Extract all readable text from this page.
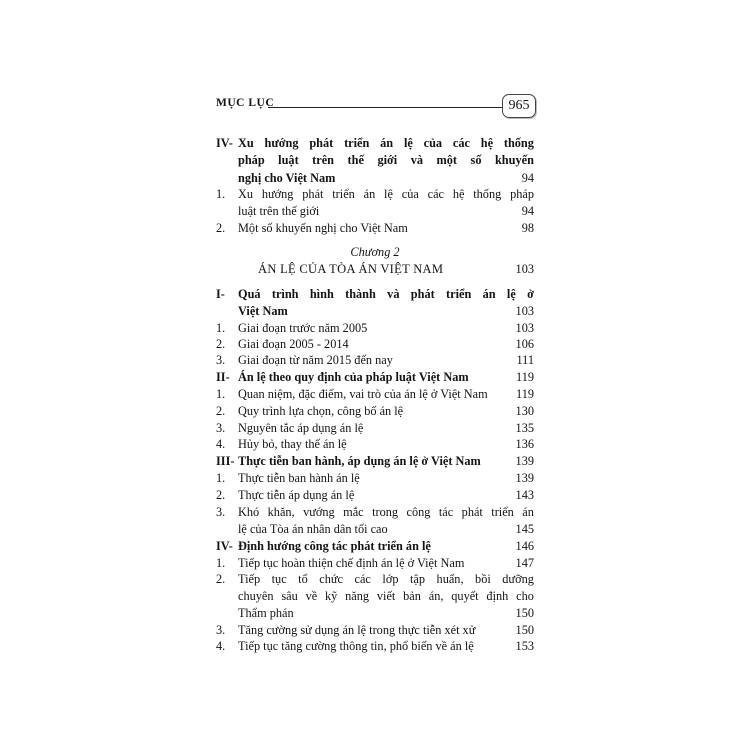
MỤC LỤC	965
IV- Xu hướng phát triển án lệ của các hệ thống
pháp luật trên thế giới và một số khuyến
nghị cho Việt Nam	94
1. Xu hướng phát triển án lệ của các hệ thống pháp
luật trên thế giới	94
2. Một số khuyến nghị cho Việt Nam	98
Chương 2
ÁN LỆ CỦA TÒA ÁN VIỆT NAM	103
I- Quá trình hình thành và phát triển án lệ ở
Việt Nam	103
1. Giai đoạn trước năm 2005	103
2. Giai đoạn 2005 - 2014	106
3. Giai đoạn từ năm 2015 đến nay	111
II- Án lệ theo quy định của pháp luật Việt Nam	119
1. Quan niệm, đặc điểm, vai trò của án lệ ở Việt Nam	119
2. Quy trình lựa chọn, công bố án lệ	130
3. Nguyên tắc áp dụng án lệ	135
4. Hủy bỏ, thay thế án lệ	136
III- Thực tiễn ban hành, áp dụng án lệ ở Việt Nam	139
1. Thực tiễn ban hành án lệ	139
2. Thực tiễn áp dụng án lệ	143
3. Khó khăn, vướng mắc trong công tác phát triển án
lệ của Tòa án nhân dân tối cao	145
IV- Định hướng công tác phát triển án lệ	146
1. Tiếp tục hoàn thiện chế định án lệ ở Việt Nam	147
2. Tiếp tục tổ chức các lớp tập huấn, bồi dưỡng
chuyên sâu về kỹ năng viết bản án, quyết định cho
Thẩm phán	150
3. Tăng cường sử dụng án lệ trong thực tiễn xét xử	150
4. Tiếp tục tăng cường thông tin, phổ biến về án lệ	153
